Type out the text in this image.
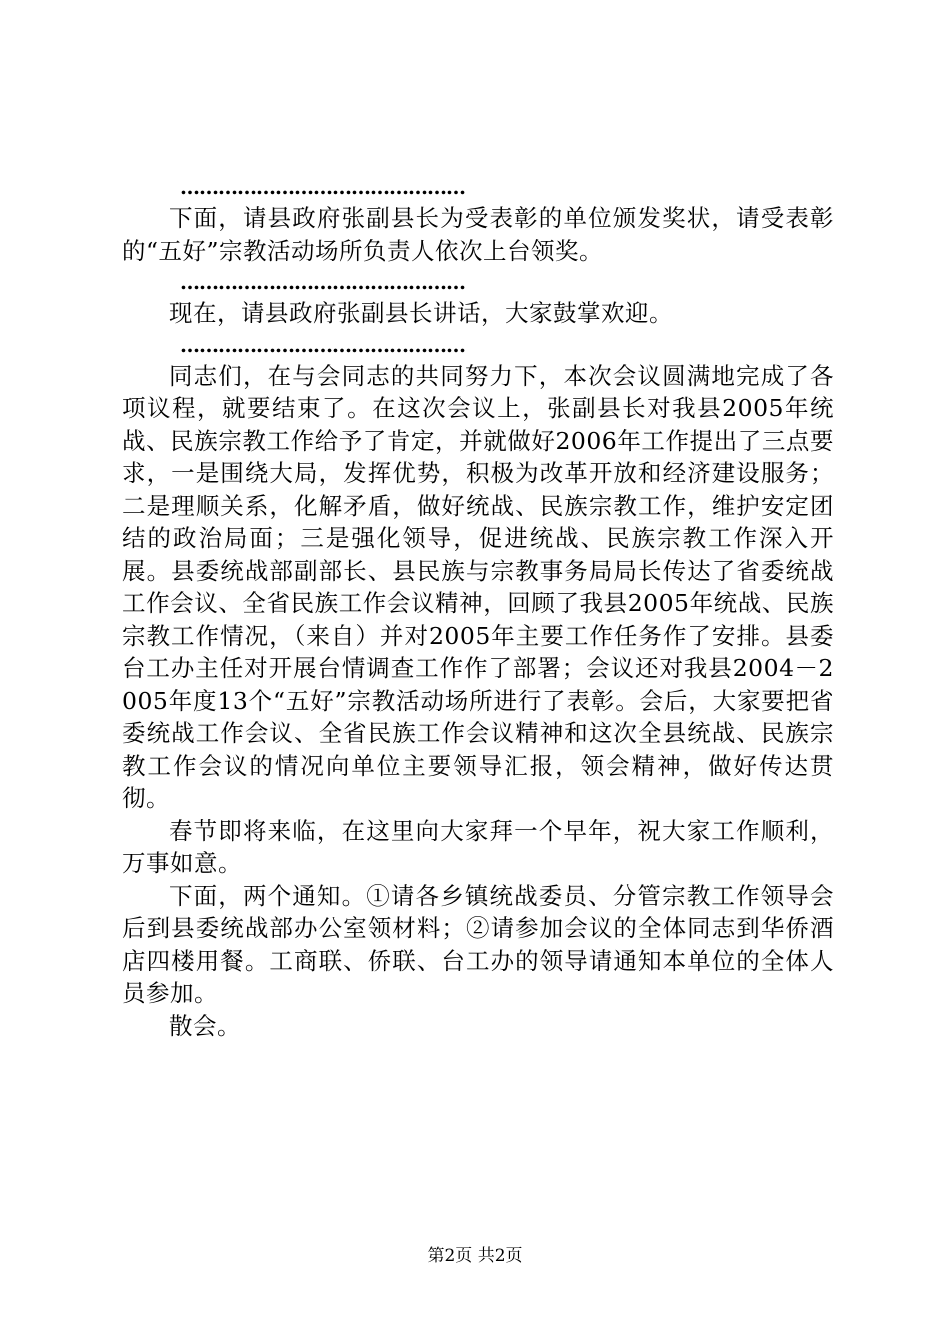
………………………………………

下面，请县政府张副县长为受表彰的单位颁发奖状，请受表彰的“五好”宗教活动场所负责人依次上台领奖。

………………………………………

现在，请县政府张副县长讲话，大家鼓掌欢迎。

………………………………………

同志们，在与会同志的共同努力下，本次会议圆满地完成了各项议程，就要结束了。在这次会议上，张副县长对我县2005年统战、民族宗教工作给予了肯定，并就做好2006年工作提出了三点要求，一是围绕大局，发挥优势，积极为改革开放和经济建设服务；二是理顺关系，化解矛盾，做好统战、民族宗教工作，维护安定团结的政治局面；三是强化领导，促进统战、民族宗教工作深入开展。县委统战部副部长、县民族与宗教事务局局长传达了省委统战工作会议、全省民族工作会议精神，回顾了我县2005年统战、民族宗教工作情况，（来自）并对2005年主要工作任务作了安排。县委台工办主任对开展台情调查工作作了部署；会议还对我县2004－2005年度13个“五好”宗教活动场所进行了表彰。会后，大家要把省委统战工作会议、全省民族工作会议精神和这次全县统战、民族宗教工作会议的情况向单位主要领导汇报，领会精神，做好传达贯彻。

春节即将来临，在这里向大家拜一个早年，祝大家工作顺利，万事如意。

下面，两个通知。①请各乡镇统战委员、分管宗教工作领导会后到县委统战部办公室领材料；②请参加会议的全体同志到华侨酒店四楼用餐。工商联、侨联、台工办的领导请通知本单位的全体人员参加。

散会。

第2页 共2页
